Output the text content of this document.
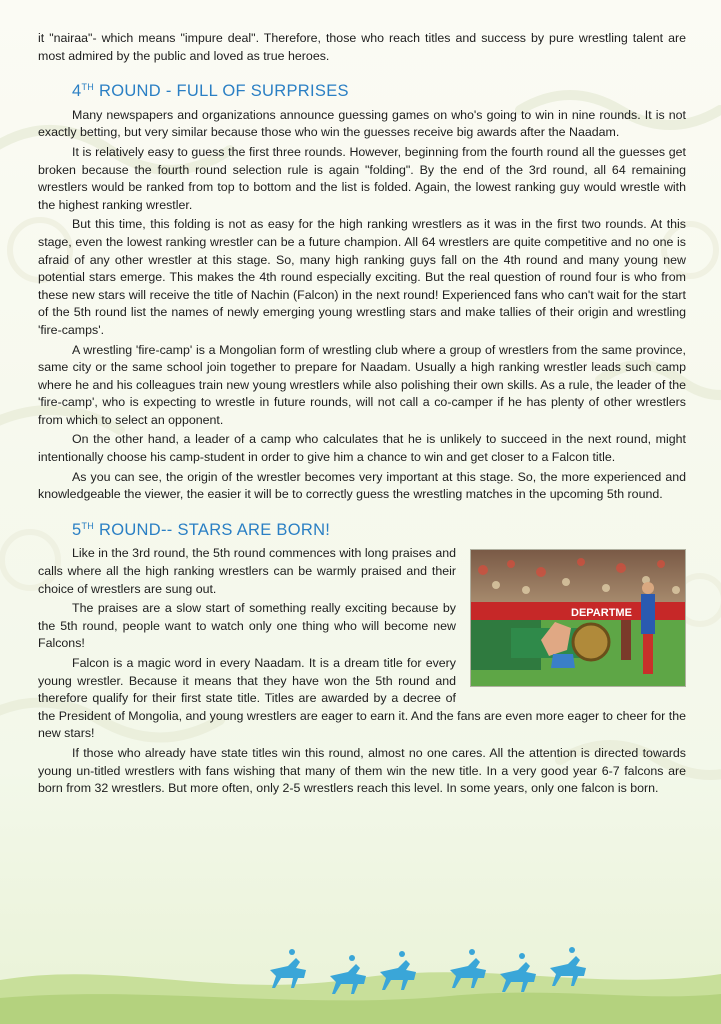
it "nairaa"- which means "impure deal". Therefore, those who reach titles and success by pure wrestling talent are most admired by the public and loved as true heroes.

4TH ROUND - FULL OF SURPRISES

Many newspapers and organizations announce guessing games on who's going to win in nine rounds. It is not exactly betting, but very similar because those who win the guesses receive big awards after the Naadam.

It is relatively easy to guess the first three rounds. However, beginning from the fourth round all the guesses get broken because the fourth round selection rule is again "folding". By the end of the 3rd round, all 64 remaining wrestlers would be ranked from top to bottom and the list is folded. Again, the lowest ranking guy would wrestle with the highest ranking wrestler.

But this time, this folding is not as easy for the high ranking wrestlers as it was in the first two rounds. At this stage, even the lowest ranking wrestler can be a future champion. All 64 wrestlers are quite competitive and no one is afraid of any other wrestler at this stage. So, many high ranking guys fall on the 4th round and many young new potential stars emerge. This makes the 4th round especially exciting. But the real question of round four is who from these new stars will receive the title of Nachin (Falcon) in the next round! Experienced fans who can't wait for the start of the 5th round list the names of newly emerging young wrestling stars and make tallies of their origin and wrestling 'fire-camps'.

A wrestling 'fire-camp' is a Mongolian form of wrestling club where a group of wrestlers from the same province, same city or the same school join together to prepare for Naadam. Usually a high ranking wrestler leads such camp where he and his colleagues train new young wrestlers while also polishing their own skills. As a rule, the leader of the 'fire-camp', who is expecting to wrestle in future rounds, will not call a co-camper if he has plenty of other wrestlers from which to select an opponent.

On the other hand, a leader of a camp who calculates that he is unlikely to succeed in the next round, might intentionally choose his camp-student in order to give him a chance to win and get closer to a Falcon title.

As you can see, the origin of the wrestler becomes very important at this stage. So, the more experienced and knowledgeable the viewer, the easier it will be to correctly guess the wrestling matches in the upcoming 5th round.

5TH ROUND-- STARS ARE BORN!
DEPARTME

Like in the 3rd round, the 5th round commences with long praises and calls where all the high ranking wrestlers can be warmly praised and their choice of wrestlers are sung out.

The praises are a slow start of something really exciting because by the 5th round, people want to watch only one thing who will become new Falcons!

Falcon is a magic word in every Naadam. It is a dream title for every young wrestler. Because it means that they have won the 5th round and therefore qualify for their first state title. Titles are awarded by a decree of the President of Mongolia, and young wrestlers are eager to earn it. And the fans are even more eager to cheer for the new stars!

If those who already have state titles win this round, almost no one cares. All the attention is directed towards young un-titled wrestlers with fans wishing that many of them win the new title. In a very good year 6-7 falcons are born from 32 wrestlers. But more often, only 2-5 wrestlers reach this level. In some years, only one falcon is born.
